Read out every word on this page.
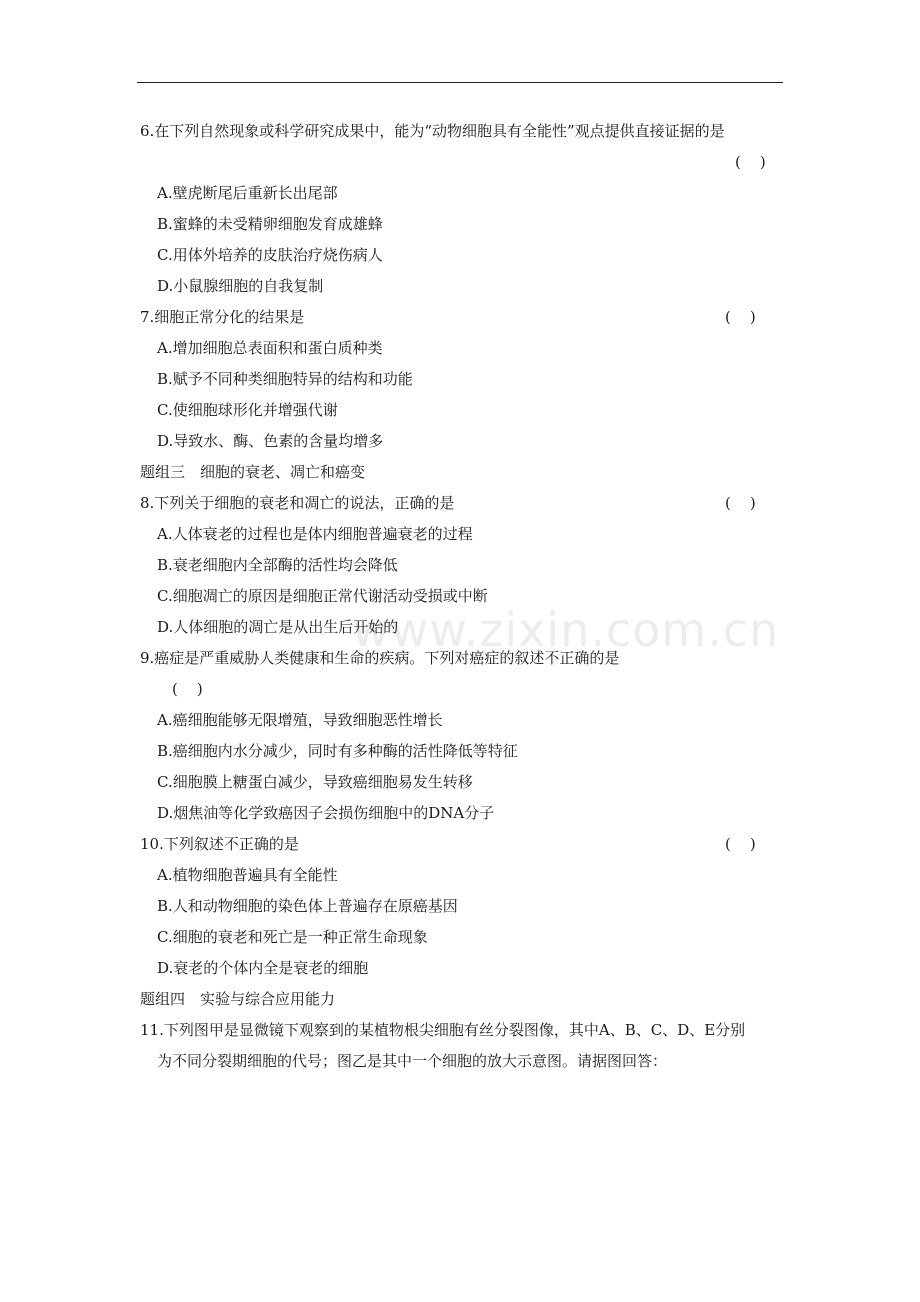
www.zixin.com.cn
6.在下列自然现象或科学研究成果中，能为“动物细胞具有全能性”观点提供直接证据的是
(    )
A.壁虎断尾后重新长出尾部
B.蜜蜂的未受精卵细胞发育成雄蜂
C.用体外培养的皮肤治疗烧伤病人
D.小鼠腺细胞的自我复制
7.细胞正常分化的结果是	(    )
A.增加细胞总表面积和蛋白质种类
B.赋予不同种类细胞特异的结构和功能
C.使细胞球形化并增强代谢
D.导致水、酶、色素的含量均增多
题组三　细胞的衰老、凋亡和癌变
8.下列关于细胞的衰老和凋亡的说法，正确的是	(    )
A.人体衰老的过程也是体内细胞普遍衰老的过程
B.衰老细胞内全部酶的活性均会降低
C.细胞凋亡的原因是细胞正常代谢活动受损或中断
D.人体细胞的凋亡是从出生后开始的
9.癌症是严重威胁人类健康和生命的疾病。下列对癌症的叙述不正确的是
(    )
A.癌细胞能够无限增殖，导致细胞恶性增长
B.癌细胞内水分减少，同时有多种酶的活性降低等特征
C.细胞膜上糖蛋白减少，导致癌细胞易发生转移
D.烟焦油等化学致癌因子会损伤细胞中的DNA分子
10.下列叙述不正确的是	(    )
A.植物细胞普遍具有全能性
B.人和动物细胞的染色体上普遍存在原癌基因
C.细胞的衰老和死亡是一种正常生命现象
D.衰老的个体内全是衰老的细胞
题组四　实验与综合应用能力
11.下列图甲是显微镜下观察到的某植物根尖细胞有丝分裂图像，其中A、B、C、D、E分别
为不同分裂期细胞的代号；图乙是其中一个细胞的放大示意图。请据图回答：
